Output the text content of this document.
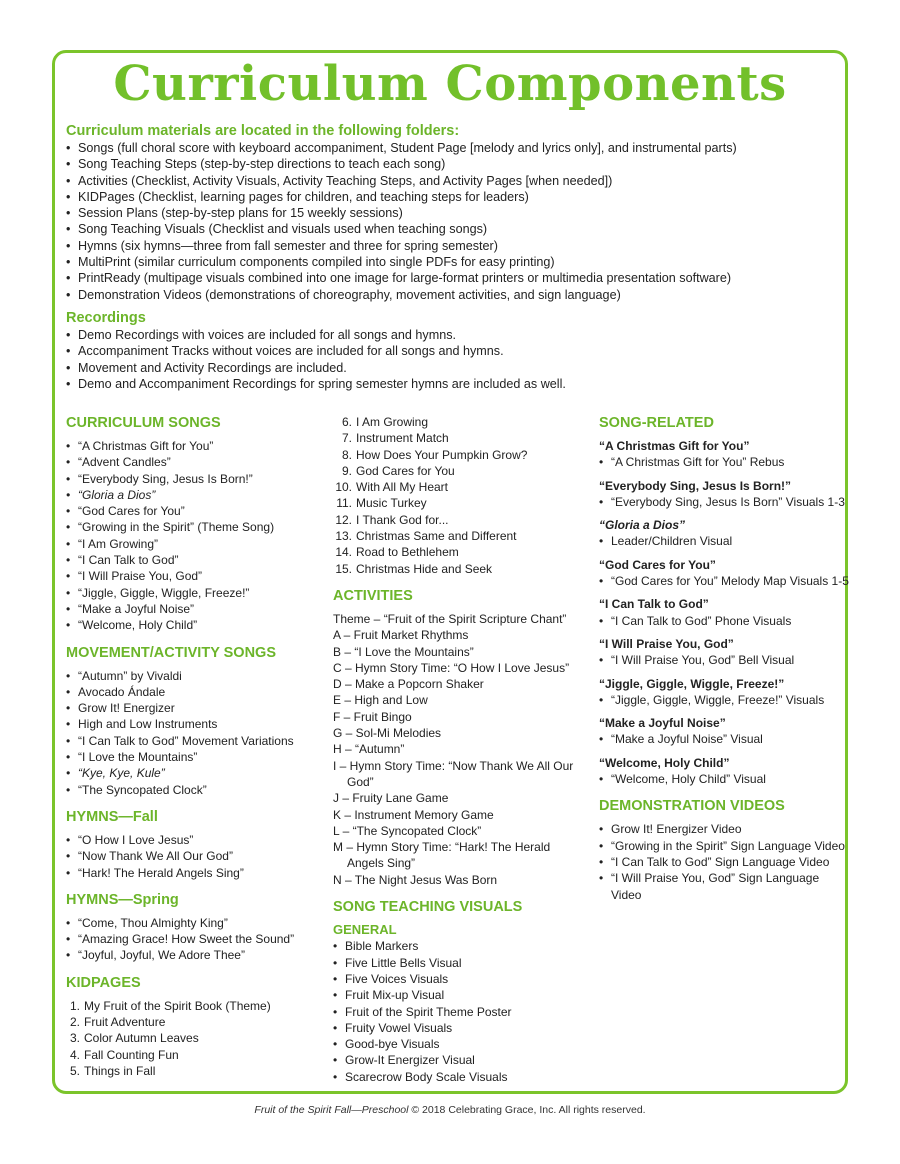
Curriculum Components
Curriculum materials are located in the following folders:
• Songs (full choral score with keyboard accompaniment, Student Page [melody and lyrics only], and instrumental parts)
• Song Teaching Steps (step-by-step directions to teach each song)
• Activities (Checklist, Activity Visuals, Activity Teaching Steps, and Activity Pages [when needed])
• KIDPages (Checklist, learning pages for children, and teaching steps for leaders)
• Session Plans (step-by-step plans for 15 weekly sessions)
• Song Teaching Visuals (Checklist and visuals used when teaching songs)
• Hymns (six hymns—three from fall semester and three for spring semester)
• MultiPrint (similar curriculum components compiled into single PDFs for easy printing)
• PrintReady (multipage visuals combined into one image for large-format printers or multimedia presentation software)
• Demonstration Videos (demonstrations of choreography, movement activities, and sign language)
Recordings
• Demo Recordings with voices are included for all songs and hymns.
• Accompaniment Tracks without voices are included for all songs and hymns.
• Movement and Activity Recordings are included.
• Demo and Accompaniment Recordings for spring semester hymns are included as well.
CURRICULUM SONGS
• “A Christmas Gift for You”
• “Advent Candles”
• “Everybody Sing, Jesus Is Born!”
• “Gloria a Dios”
• “God Cares for You”
• “Growing in the Spirit” (Theme Song)
• “I Am Growing”
• “I Can Talk to God”
• “I Will Praise You, God”
• “Jiggle, Giggle, Wiggle, Freeze!”
• “Make a Joyful Noise”
• “Welcome, Holy Child”
MOVEMENT/ACTIVITY SONGS
• “Autumn” by Vivaldi
• Avocado Ándale
• Grow It! Energizer
• High and Low Instruments
• “I Can Talk to God” Movement Variations
• “I Love the Mountains”
• “Kye, Kye, Kule”
• “The Syncopated Clock”
HYMNS—Fall
• “O How I Love Jesus”
• “Now Thank We All Our God”
• “Hark! The Herald Angels Sing”
HYMNS—Spring
• “Come, Thou Almighty King”
• “Amazing Grace! How Sweet the Sound”
• “Joyful, Joyful, We Adore Thee”
KIDPAGES
1. My Fruit of the Spirit Book (Theme)
2. Fruit Adventure
3. Color Autumn Leaves
4. Fall Counting Fun
5. Things in Fall
6. I Am Growing
7. Instrument Match
8. How Does Your Pumpkin Grow?
9. God Cares for You
10. With All My Heart
11. Music Turkey
12. I Thank God for...
13. Christmas Same and Different
14. Road to Bethlehem
15. Christmas Hide and Seek
ACTIVITIES
Theme – “Fruit of the Spirit Scripture Chant”
A – Fruit Market Rhythms
B – “I Love the Mountains”
C – Hymn Story Time: “O How I Love Jesus”
D – Make a Popcorn Shaker
E – High and Low
F – Fruit Bingo
G – Sol-Mi Melodies
H – “Autumn”
I – Hymn Story Time: “Now Thank We All Our
God”
J – Fruity Lane Game
K – Instrument Memory Game
L – “The Syncopated Clock”
M – Hymn Story Time: “Hark! The Herald
Angels Sing”
N – The Night Jesus Was Born
SONG TEACHING VISUALS
GENERAL
• Bible Markers
• Five Little Bells Visual
• Five Voices Visuals
• Fruit Mix-up Visual
• Fruit of the Spirit Theme Poster
• Fruity Vowel Visuals
• Good-bye Visuals
• Grow-It Energizer Visual
• Scarecrow Body Scale Visuals
SONG-RELATED
“A Christmas Gift for You”
• “A Christmas Gift for You” Rebus
“Everybody Sing, Jesus Is Born!”
• “Everybody Sing, Jesus Is Born” Visuals 1-3
“Gloria a Dios”
• Leader/Children Visual
“God Cares for You”
• “God Cares for You” Melody Map Visuals 1-5
“I Can Talk to God”
• “I Can Talk to God” Phone Visuals
“I Will Praise You, God”
• “I Will Praise You, God” Bell Visual
“Jiggle, Giggle, Wiggle, Freeze!”
• “Jiggle, Giggle, Wiggle, Freeze!” Visuals
“Make a Joyful Noise”
• “Make a Joyful Noise” Visual
“Welcome, Holy Child”
• “Welcome, Holy Child” Visual
DEMONSTRATION VIDEOS
• Grow It! Energizer Video
• “Growing in the Spirit” Sign Language Video
• “I Can Talk to God” Sign Language Video
• “I Will Praise You, God” Sign Language Video
Fruit of the Spirit Fall—Preschool © 2018 Celebrating Grace, Inc. All rights reserved.
